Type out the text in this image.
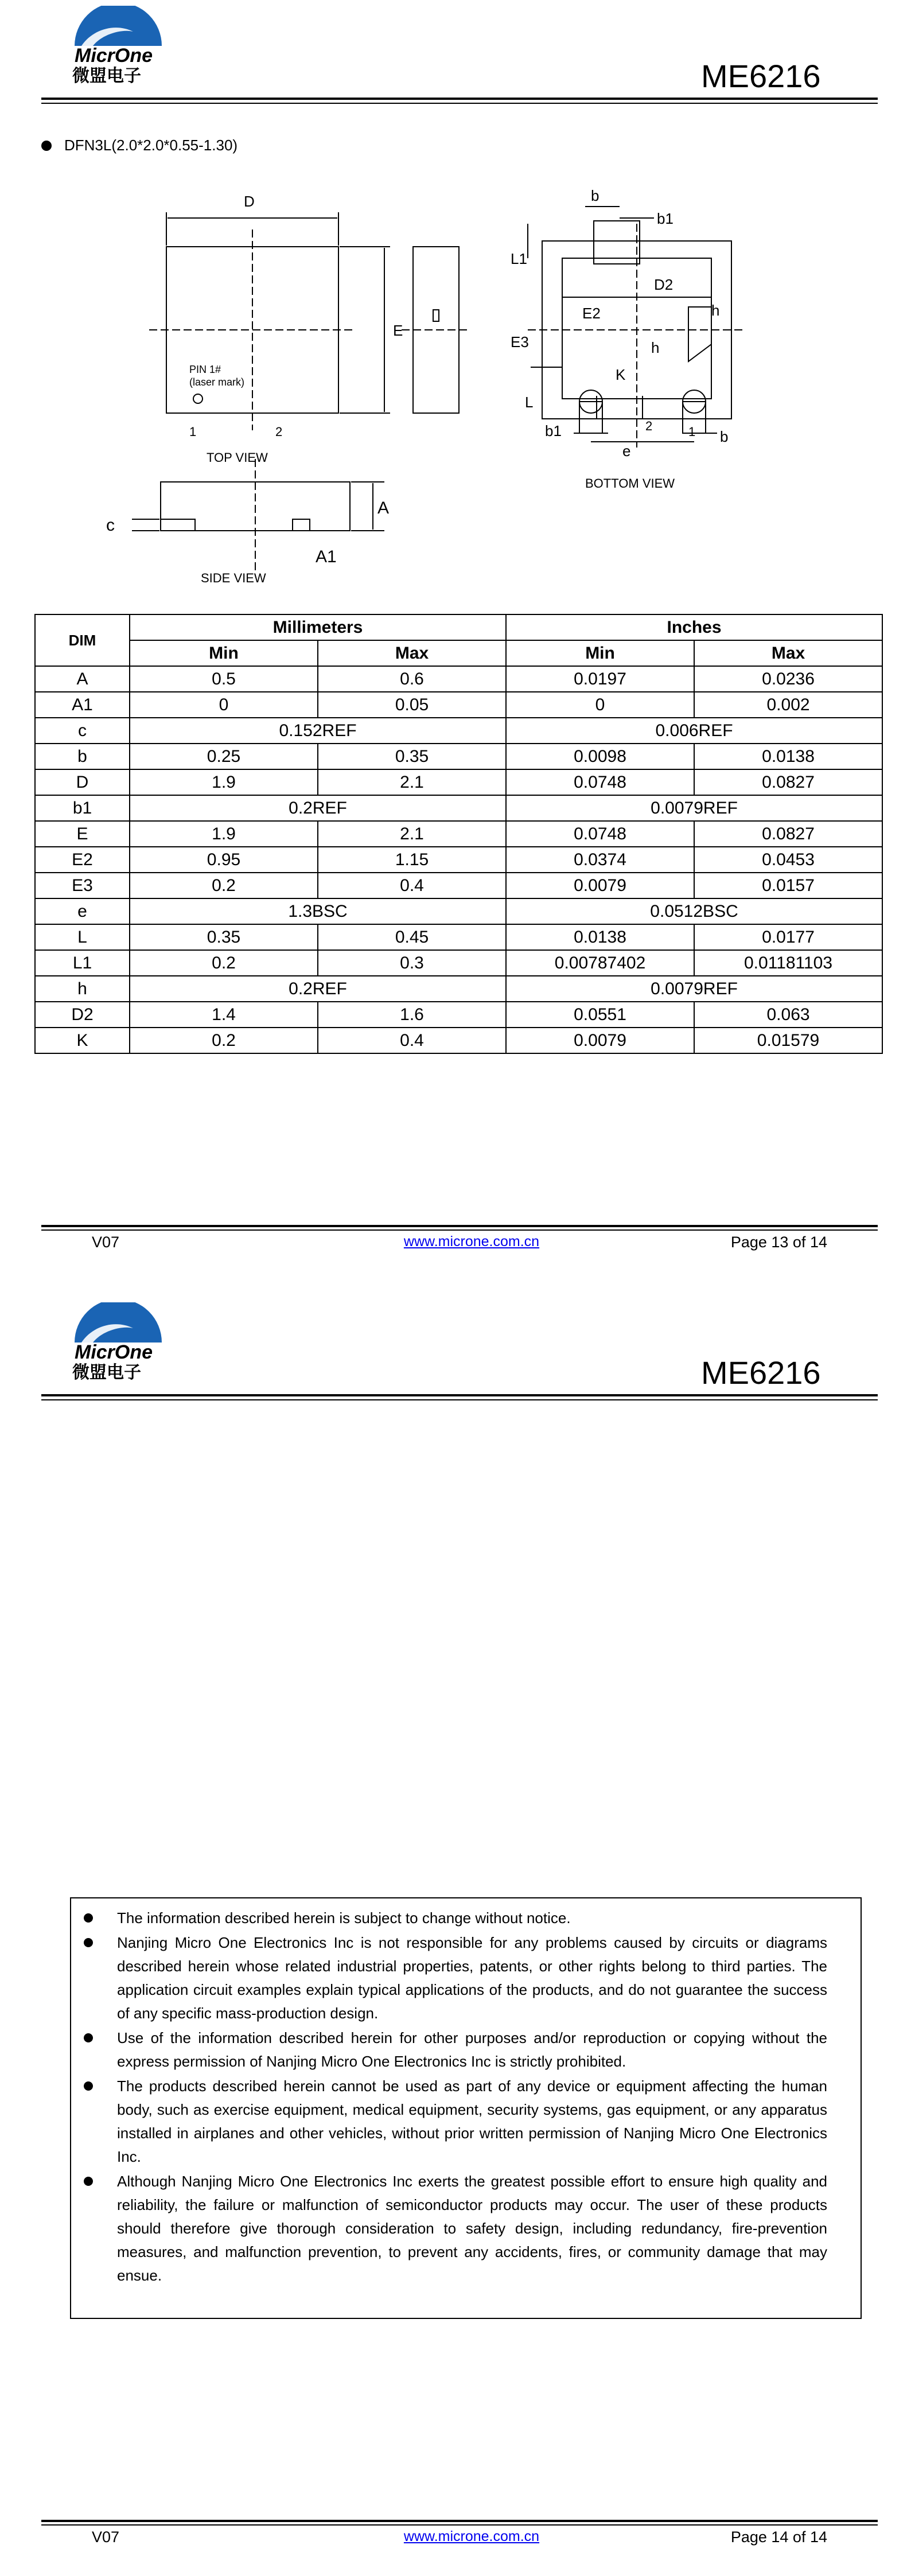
MicrOne
微盟电子	ME6216
DFN3L(2.0*2.0*0.55-1.30)
D
E
PIN 1#
(laser mark)
1	2
TOP VIEW
c
A
A1
SIDE VIEW
b
b1
L1
D2
E2	h
E3	h
K
L
b1
e
2	1 b
BOTTOM VIEW
DIM	Millimeters		Inches	
	Min	Max	Min	Max
A	0.5	0.6	0.0197	0.0236
A1	0	0.05	0	0.002
c	0.152REF		0.006REF	
b	0.25	0.35	0.0098	0.0138
D	1.9	2.1	0.0748	0.0827
b1	0.2REF		0.0079REF	
E	1.9	2.1	0.0748	0.0827
E2	0.95	1.15	0.0374	0.0453
E3	0.2	0.4	0.0079	0.0157
e	1.3BSC		0.0512BSC	
L	0.35	0.45	0.0138	0.0177
L1	0.2	0.3	0.00787402	0.01181103
h	0.2REF		0.0079REF	
D2	1.4	1.6	0.0551	0.063
K	0.2	0.4	0.0079	0.01579
V07	www.microne.com.cn	Page 13 of 14
MicrOne
微盟电子	ME6216
The information described herein is subject to change without notice.
Nanjing Micro One Electronics Inc is not responsible for any problems caused by circuits or diagrams described herein whose related industrial properties, patents, or other rights belong to third parties. The application circuit examples explain typical applications of the products, and do not guarantee the success of any specific mass-production design.
Use of the information described herein for other purposes and/or reproduction or copying without the express permission of Nanjing Micro One Electronics Inc is strictly prohibited.
The products described herein cannot be used as part of any device or equipment affecting the human body, such as exercise equipment, medical equipment, security systems, gas equipment, or any apparatus installed in airplanes and other vehicles, without prior written permission of Nanjing Micro One Electronics Inc.
Although Nanjing Micro One Electronics Inc exerts the greatest possible effort to ensure high quality and reliability, the failure or malfunction of semiconductor products may occur. The user of these products should therefore give thorough consideration to safety design, including redundancy, fire-prevention measures, and malfunction prevention, to prevent any accidents, fires, or community damage that may ensue.
V07	www.microne.com.cn	Page 14 of 14
